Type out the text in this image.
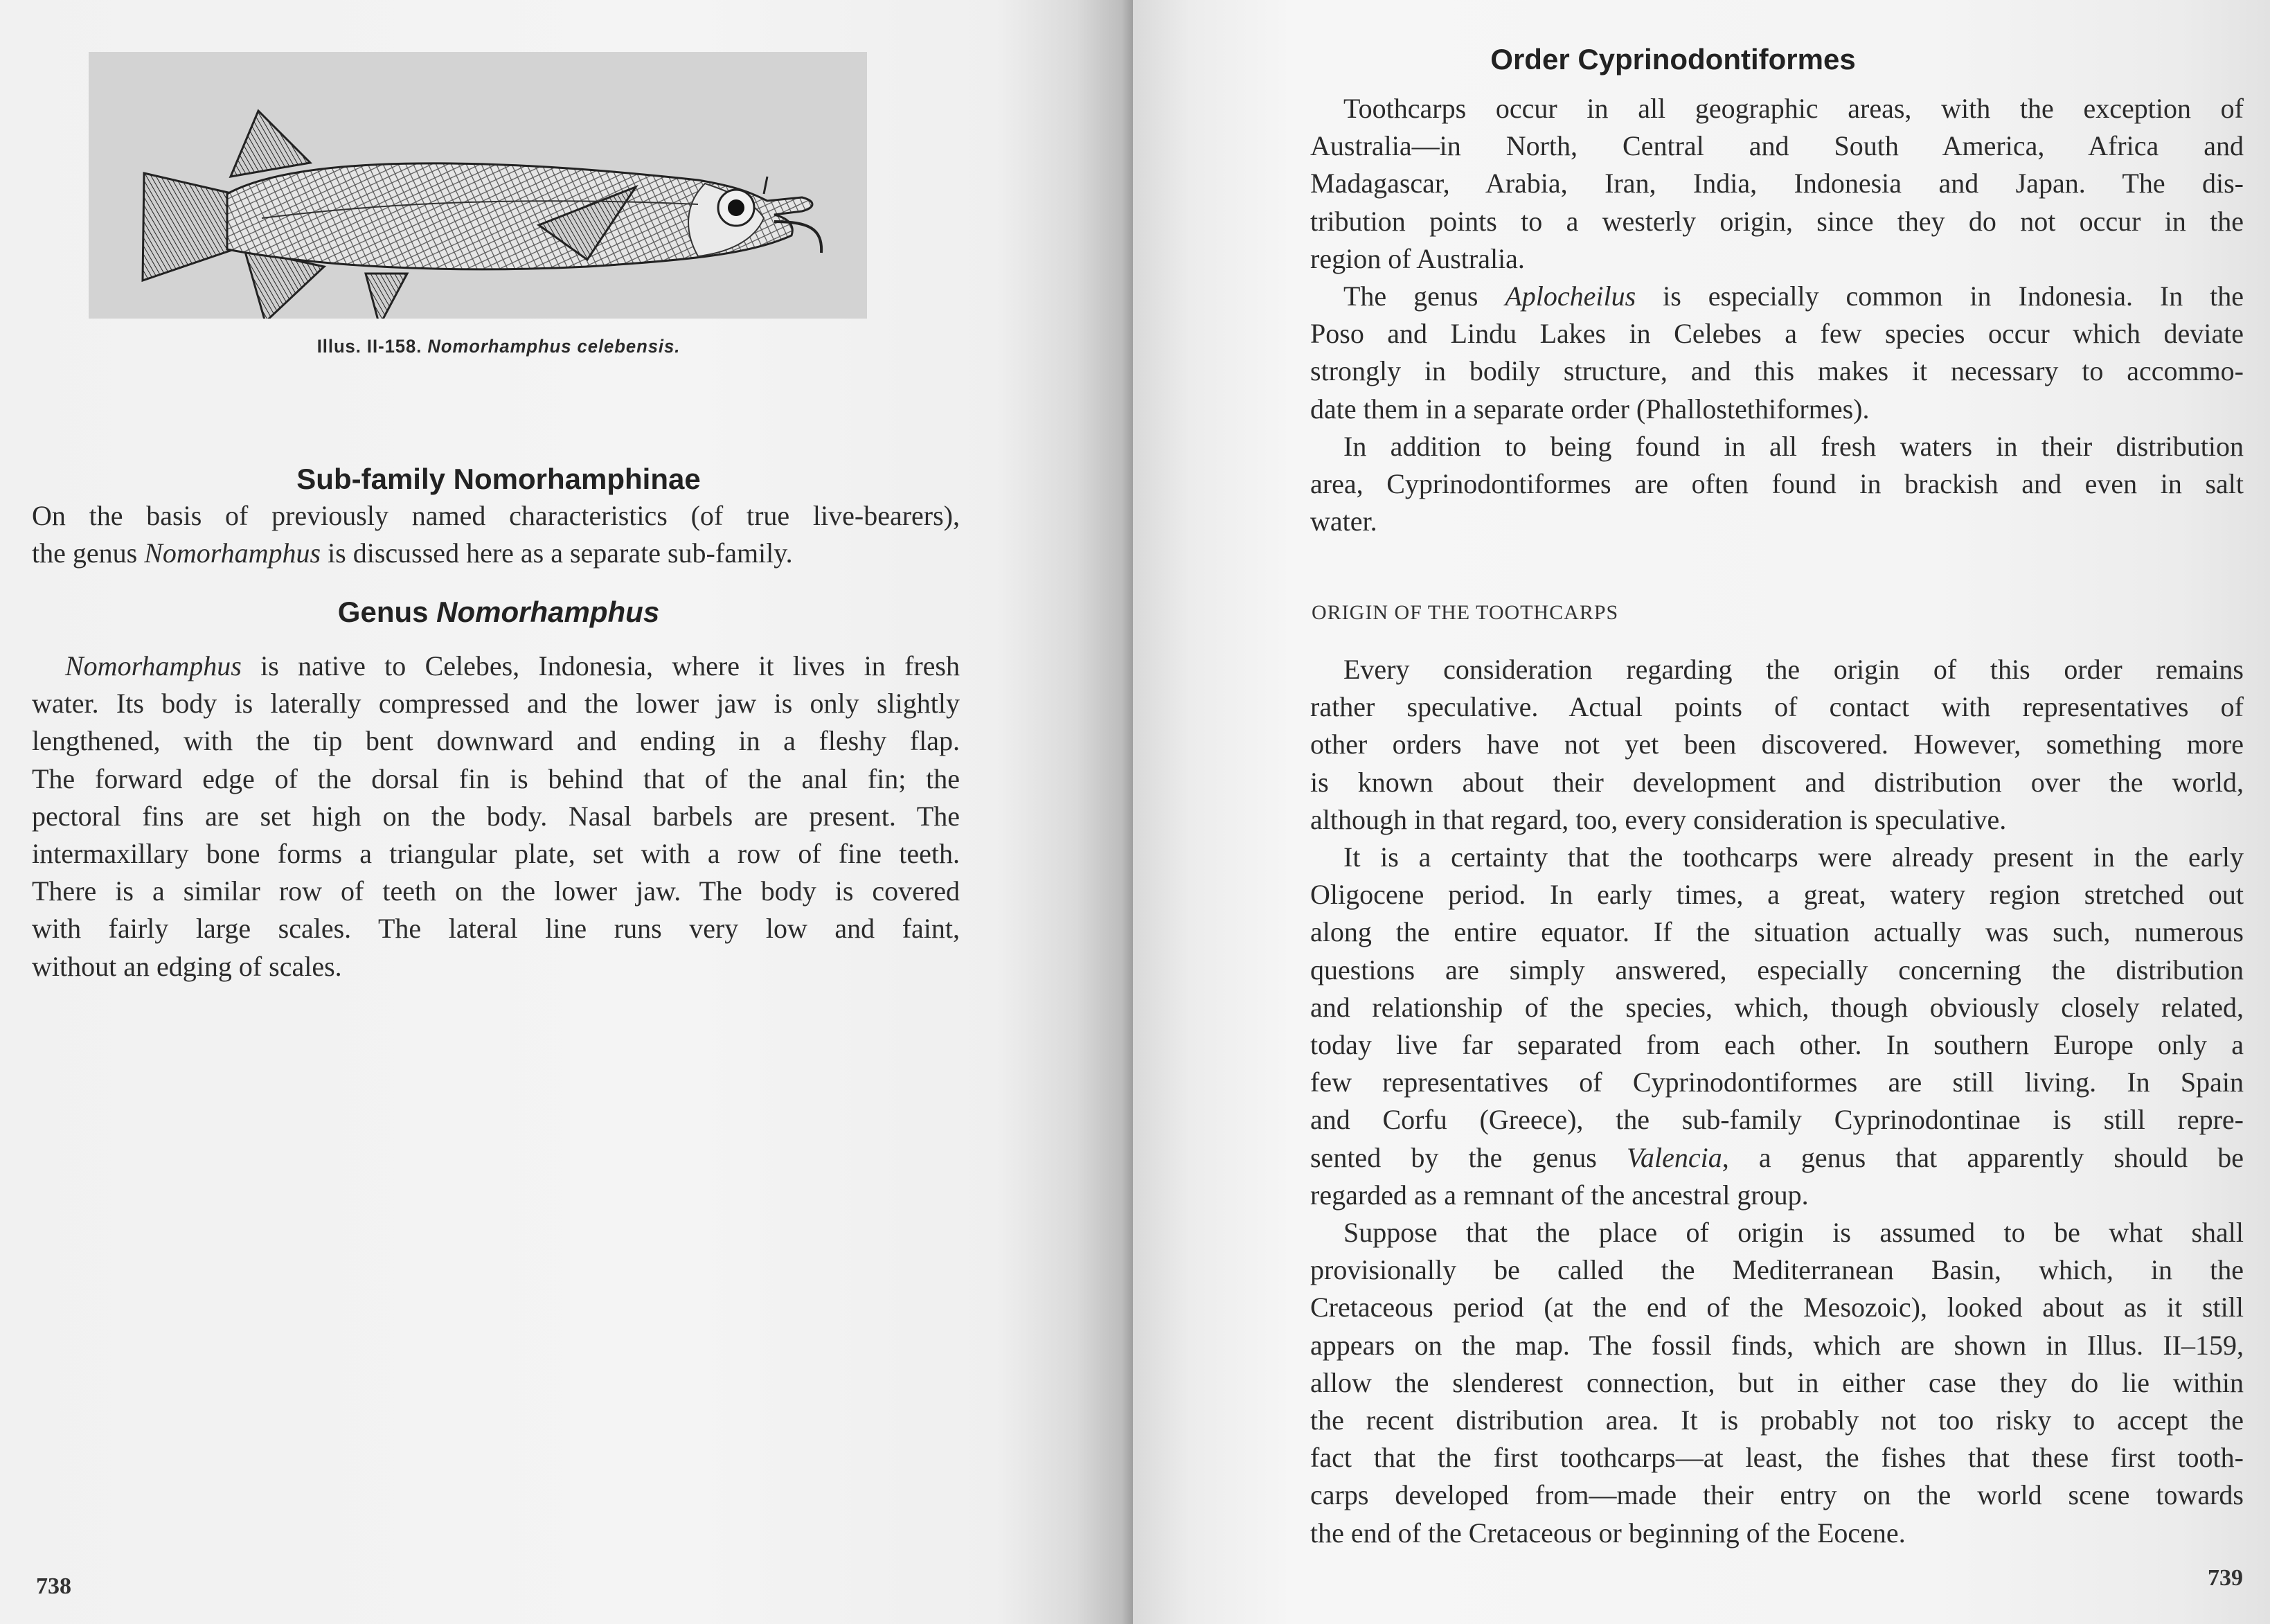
Illus. II-158. Nomorhamphus celebensis.
Sub-family Nomorhamphinae
On the basis of previously named characteristics (of true live-bearers),
the genus Nomorhamphus is discussed here as a separate sub-family.
Genus Nomorhamphus
Nomorhamphus is native to Celebes, Indonesia, where it lives in fresh
water. Its body is laterally compressed and the lower jaw is only slightly
lengthened, with the tip bent downward and ending in a fleshy flap.
The forward edge of the dorsal fin is behind that of the anal fin; the
pectoral fins are set high on the body. Nasal barbels are present. The
intermaxillary bone forms a triangular plate, set with a row of fine teeth.
There is a similar row of teeth on the lower jaw. The body is covered
with fairly large scales. The lateral line runs very low and faint,
without an edging of scales.
738
Order Cyprinodontiformes
Toothcarps occur in all geographic areas, with the exception of
Australia—in North, Central and South America, Africa and
Madagascar, Arabia, Iran, India, Indonesia and Japan. The dis-
tribution points to a westerly origin, since they do not occur in the
region of Australia.
The genus Aplocheilus is especially common in Indonesia. In the
Poso and Lindu Lakes in Celebes a few species occur which deviate
strongly in bodily structure, and this makes it necessary to accommo-
date them in a separate order (Phallostethiformes).
In addition to being found in all fresh waters in their distribution
area, Cyprinodontiformes are often found in brackish and even in salt
water.
ORIGIN OF THE TOOTHCARPS
Every consideration regarding the origin of this order remains
rather speculative. Actual points of contact with representatives of
other orders have not yet been discovered. However, something more
is known about their development and distribution over the world,
although in that regard, too, every consideration is speculative.
It is a certainty that the toothcarps were already present in the early
Oligocene period. In early times, a great, watery region stretched out
along the entire equator. If the situation actually was such, numerous
questions are simply answered, especially concerning the distribution
and relationship of the species, which, though obviously closely related,
today live far separated from each other. In southern Europe only a
few representatives of Cyprinodontiformes are still living. In Spain
and Corfu (Greece), the sub-family Cyprinodontinae is still repre-
sented by the genus Valencia, a genus that apparently should be
regarded as a remnant of the ancestral group.
Suppose that the place of origin is assumed to be what shall
provisionally be called the Mediterranean Basin, which, in the
Cretaceous period (at the end of the Mesozoic), looked about as it still
appears on the map. The fossil finds, which are shown in Illus. II–159,
allow the slenderest connection, but in either case they do lie within
the recent distribution area. It is probably not too risky to accept the
fact that the first toothcarps—at least, the fishes that these first tooth-
carps developed from—made their entry on the world scene towards
the end of the Cretaceous or beginning of the Eocene.
739
